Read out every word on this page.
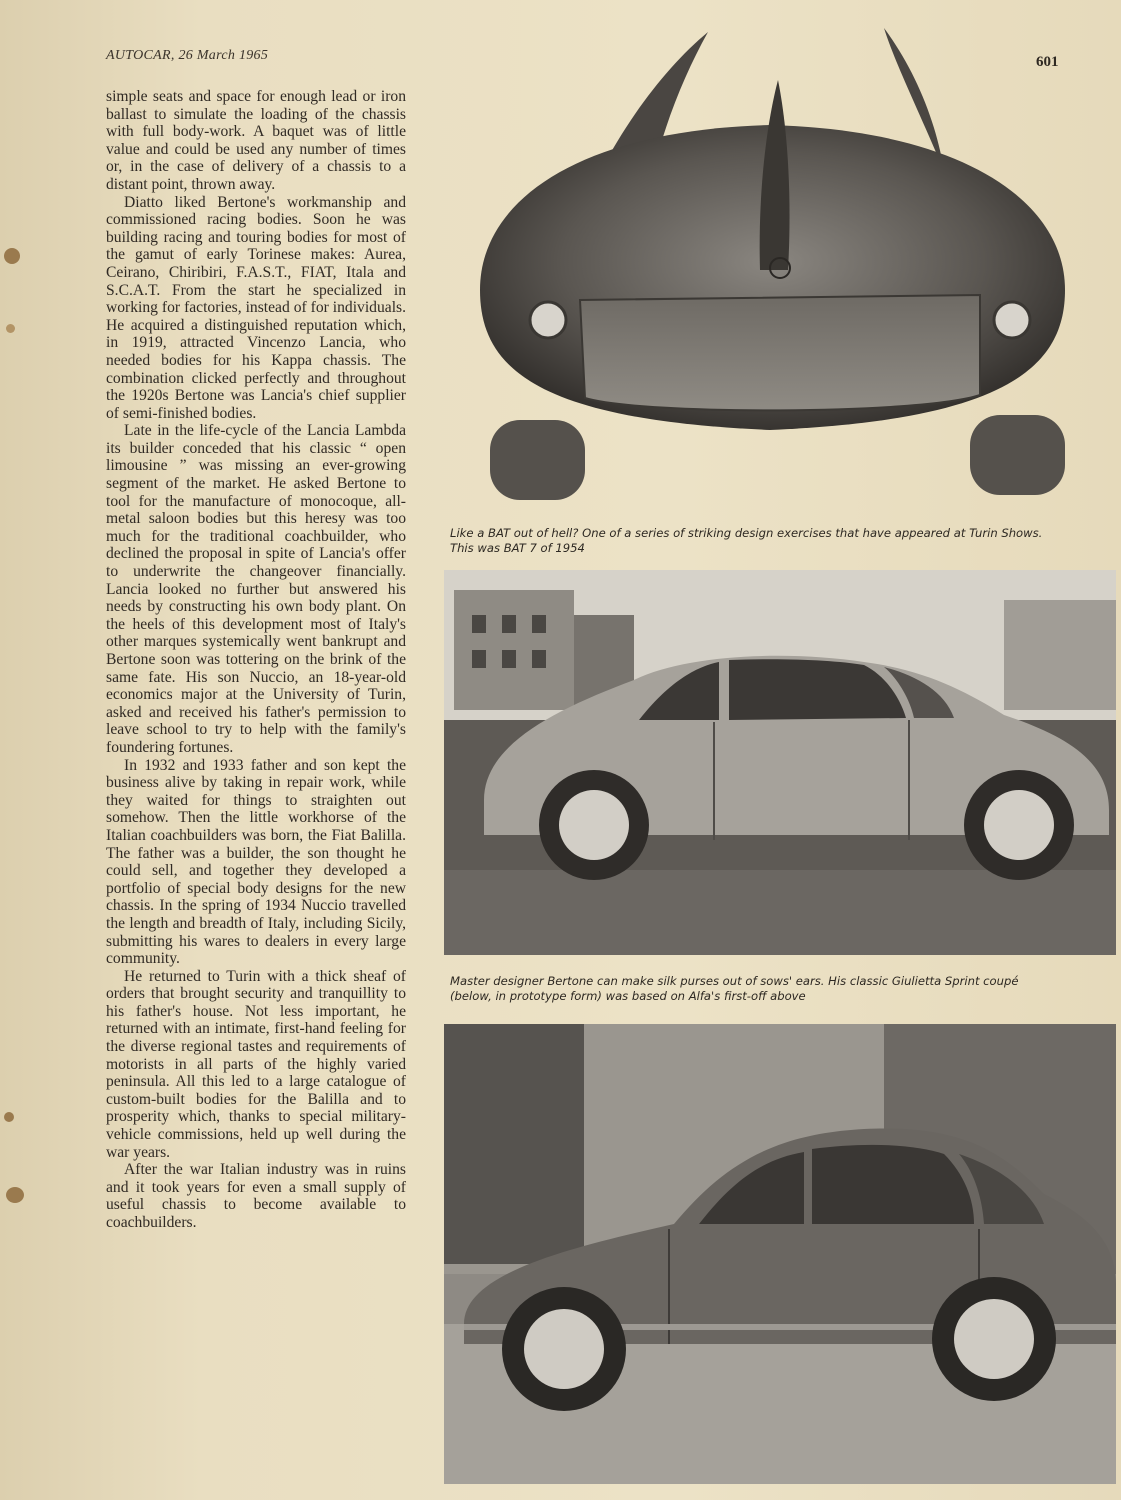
AUTOCAR, 26 March 1965	601

simple seats and space for enough lead or iron ballast to simulate the loading of the chassis with full body-work. A baquet was of little value and could be used any number of times or, in the case of delivery of a chassis to a distant point, thrown away.

Diatto liked Bertone's workmanship and commissioned racing bodies. Soon he was building racing and touring bodies for most of the gamut of early Torinese makes: Aurea, Ceirano, Chiribiri, F.A.S.T., FIAT, Itala and S.C.A.T. From the start he specialized in working for factories, instead of for individuals. He acquired a distinguished reputation which, in 1919, attracted Vincenzo Lancia, who needed bodies for his Kappa chassis. The combination clicked perfectly and throughout the 1920s Bertone was Lancia's chief supplier of semi-finished bodies.

Late in the life-cycle of the Lancia Lambda its builder conceded that his classic “ open limousine ” was missing an ever-growing segment of the market. He asked Bertone to tool for the manufacture of monocoque, all-metal saloon bodies but this heresy was too much for the traditional coachbuilder, who declined the proposal in spite of Lancia's offer to underwrite the changeover financially. Lancia looked no further but answered his needs by constructing his own body plant. On the heels of this development most of Italy's other marques systemically went bankrupt and Bertone soon was tottering on the brink of the same fate. His son Nuccio, an 18-year-old economics major at the University of Turin, asked and received his father's permission to leave school to try to help with the family's foundering fortunes.

In 1932 and 1933 father and son kept the business alive by taking in repair work, while they waited for things to straighten out somehow. Then the little workhorse of the Italian coachbuilders was born, the Fiat Balilla. The father was a builder, the son thought he could sell, and together they developed a portfolio of special body designs for the new chassis. In the spring of 1934 Nuccio travelled the length and breadth of Italy, including Sicily, submitting his wares to dealers in every large community.

He returned to Turin with a thick sheaf of orders that brought security and tranquillity to his father's house. Not less important, he returned with an intimate, first-hand feeling for the diverse regional tastes and requirements of motorists in all parts of the highly varied peninsula. All this led to a large catalogue of custom-built bodies for the Balilla and to prosperity which, thanks to special military-vehicle commissions, held up well during the war years.

After the war Italian industry was in ruins and it took years for even a small supply of useful chassis to become available to coachbuilders.

Like a BAT out of hell? One of a series of striking design exercises that have appeared at Turin Shows. This was BAT 7 of 1954
Master designer Bertone can make silk purses out of sows' ears. His classic Giulietta Sprint coupé (below, in prototype form) was based on Alfa's first-off above
